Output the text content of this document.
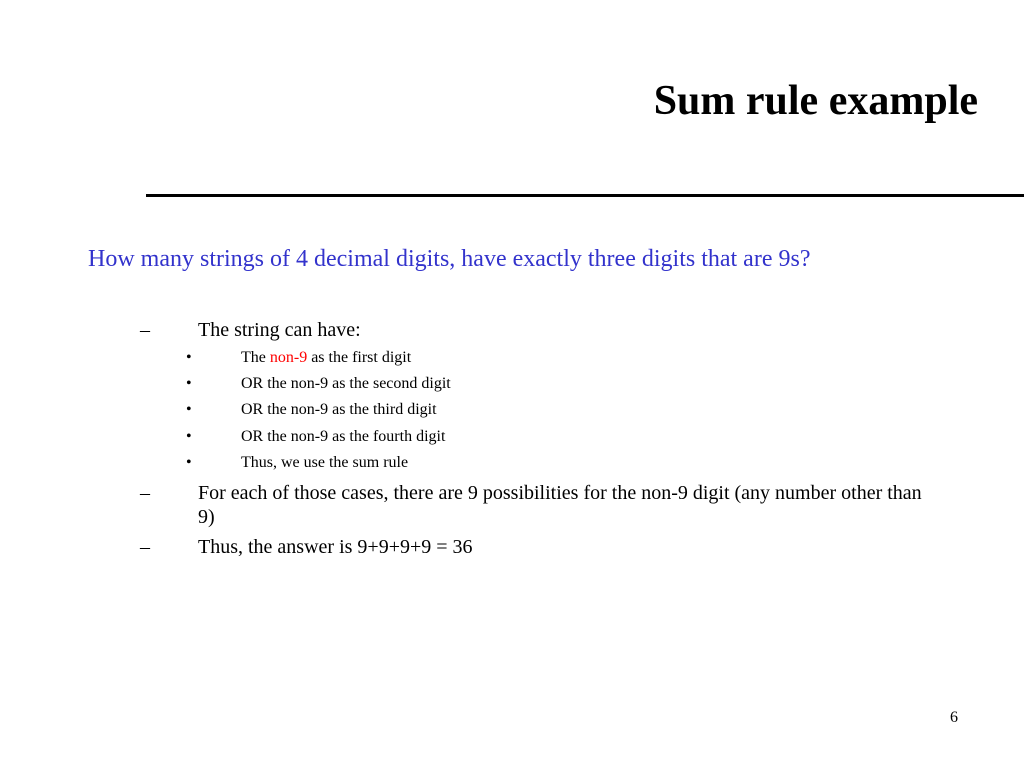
Sum rule example
How many strings of 4 decimal digits, have exactly three digits that are 9s?
– The string can have:
•	The non-9 as the first digit
•	OR the non-9 as the second digit
•	OR the non-9 as the third digit
•	OR the non-9 as the fourth digit
•	Thus, we use the sum rule
– For each of those cases, there are 9 possibilities for the non-9 digit (any number other than 9)
– Thus, the answer is 9+9+9+9 = 36
6
